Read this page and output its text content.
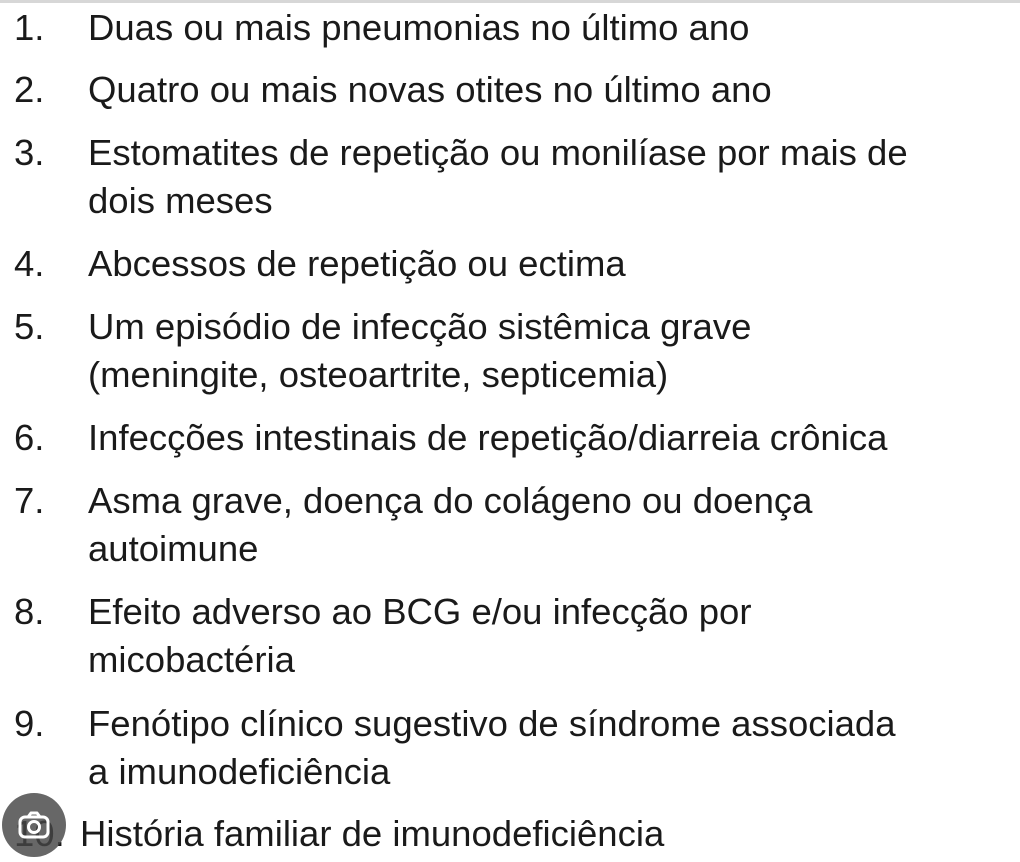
1.	Duas ou mais pneumonias no último ano
2.	Quatro ou mais novas otites no último ano
3.	Estomatites de repetição ou monilíase por mais de
dois meses
4.	Abcessos de repetição ou ectima
5.	Um episódio de infecção sistêmica grave
(meningite, osteoartrite, septicemia)
6.	Infecções intestinais de repetição/diarreia crônica
7.	Asma grave, doença do colágeno ou doença
autoimune
8.	Efeito adverso ao BCG e/ou infecção por
micobactéria
9.	Fenótipo clínico sugestivo de síndrome associada
a imunodeficiência
História familiar de imunodeficiência
